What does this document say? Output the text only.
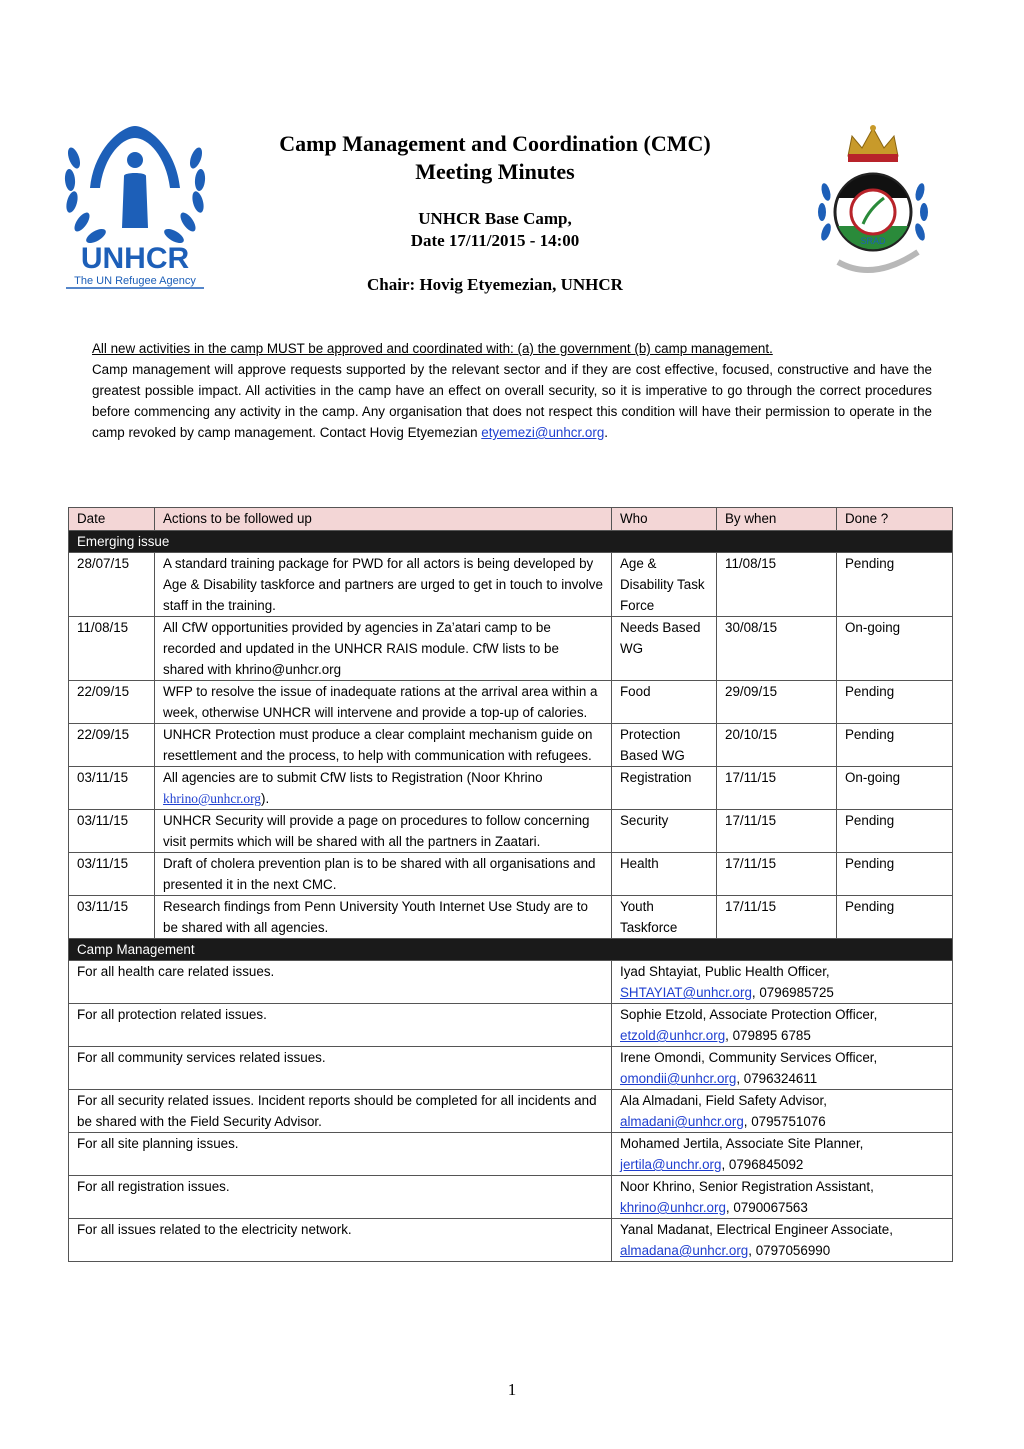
UNHCR
The UN Refugee Agency
Camp Management and Coordination (CMC)
Meeting Minutes
UNHCR Base Camp,
Date 17/11/2015 - 14:00
Chair: Hovig Etyemezian, UNHCR
SRAD
All new activities in the camp MUST be approved and coordinated with: (a) the government (b) camp management.
Camp management will approve requests supported by the relevant sector and if they are cost effective, focused, constructive and have the greatest possible impact. All activities in the camp have an effect on overall security, so it is imperative to go through the correct procedures before commencing any activity in the camp. Any organisation that does not respect this condition will have their permission to operate in the camp revoked by camp management. Contact Hovig Etyemezian etyemezi@unhcr.org.
Date	Actions to be followed up	Who	By when	Done ?
Emerging issue				
28/07/15	A standard training package for PWD for all actors is being developed by Age & Disability taskforce and partners are urged to get in touch to involve staff in the training.	Age & Disability Task Force	11/08/15	Pending
11/08/15	All CfW opportunities provided by agencies in Za’atari camp to be recorded and updated in the UNHCR RAIS module. CfW lists to be shared with khrino@unhcr.org	Needs Based WG	30/08/15	On-going
22/09/15	WFP to resolve the issue of inadequate rations at the arrival area within a week, otherwise UNHCR will intervene and provide a top-up of calories.	Food	29/09/15	Pending
22/09/15	UNHCR Protection must produce a clear complaint mechanism guide on resettlement and the process, to help with communication with refugees.	Protection Based WG	20/10/15	Pending
03/11/15	All agencies are to submit CfW lists to Registration (Noor Khrino khrino@unhcr.org).	Registration	17/11/15	On-going
03/11/15	UNHCR Security will provide a page on procedures to follow concerning visit permits which will be shared with all the partners in Zaatari.	Security	17/11/15	Pending
03/11/15	Draft of cholera prevention plan is to be shared with all organisations and presented it in the next CMC.	Health	17/11/15	Pending
03/11/15	Research findings from Penn University Youth Internet Use Study are to be shared with all agencies.	Youth Taskforce	17/11/15	Pending
Camp Management				
For all health care related issues.		Iyad Shtayiat, Public Health Officer,
SHTAYIAT@unhcr.org, 0796985725		
For all protection related issues.		Sophie Etzold, Associate Protection Officer,
etzold@unhcr.org, 079895 6785		
For all community services related issues.		Irene Omondi, Community Services Officer,
omondii@unhcr.org, 0796324611		
For all security related issues. Incident reports should be completed for all incidents and be shared with the Field Security Advisor.		Ala Almadani, Field Safety Advisor,
almadani@unhcr.org, 0795751076		
For all site planning issues.		Mohamed Jertila, Associate Site Planner,
jertila@unchr.org, 0796845092		
For all registration issues.		Noor Khrino, Senior Registration Assistant,
khrino@unhcr.org, 0790067563		
For all issues related to the electricity network.		Yanal Madanat, Electrical Engineer Associate,
almadana@unhcr.org, 0797056990		
1
